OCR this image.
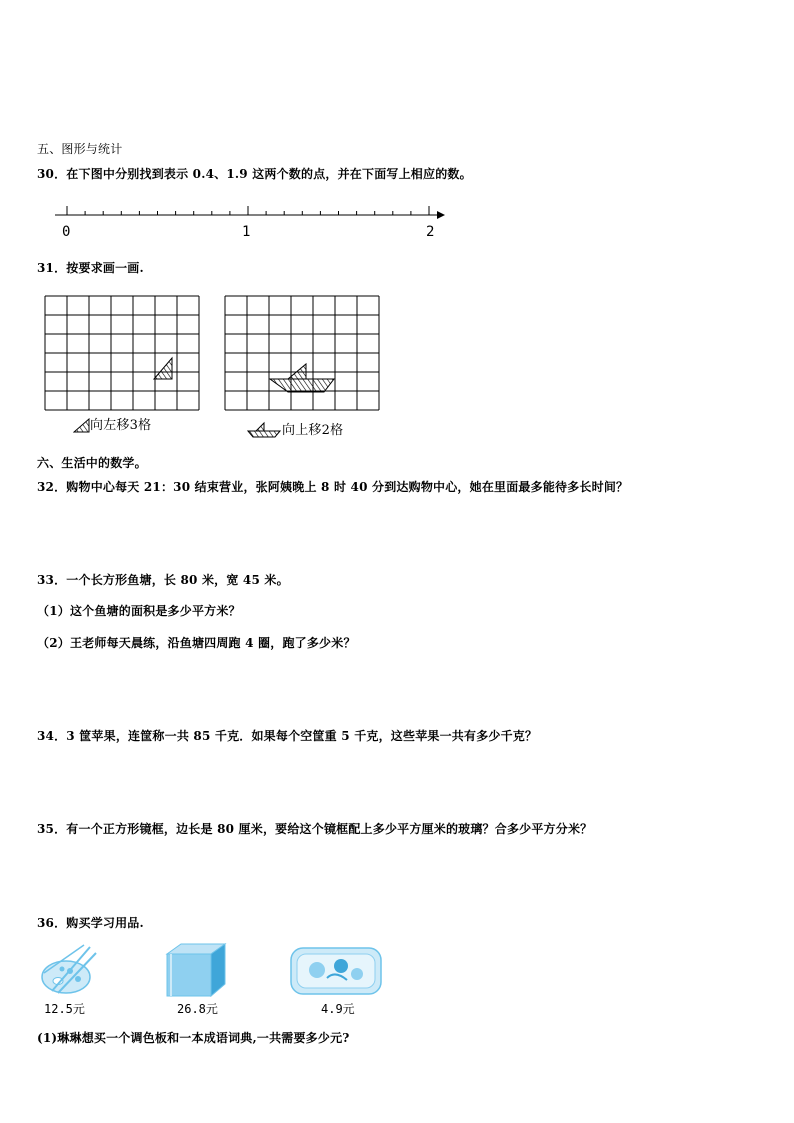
五、图形与统计
30．在下图中分别找到表示 0.4、1.9 这两个数的点，并在下面写上相应的数。
0	1	2
31．按要求画一画.
向左移3格	向上移2格
六、生活中的数学。
32．购物中心每天 21：30 结束营业，张阿姨晚上 8 时 40 分到达购物中心，她在里面最多能待多长时间？
33．一个长方形鱼塘，长 80 米，宽 45 米。
（1）这个鱼塘的面积是多少平方米？
（2）王老师每天晨练，沿鱼塘四周跑 4 圈，跑了多少米？
34．3 筐苹果，连筐称一共 85 千克．如果每个空筐重 5 千克，这些苹果一共有多少千克？
35．有一个正方形镜框，边长是 80 厘米，要给这个镜框配上多少平方厘米的玻璃？合多少平方分米？
36．购买学习用品.
12.5元	26.8元	4.9元
(1)琳琳想买一个调色板和一本成语词典,一共需要多少元?
